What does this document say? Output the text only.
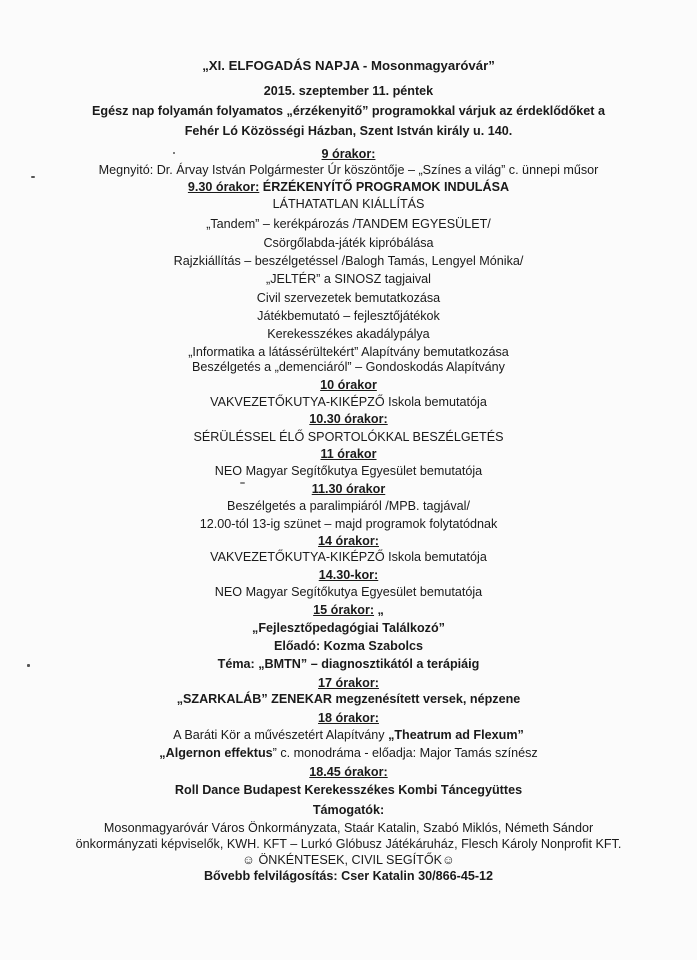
„XI. ELFOGADÁS NAPJA - Mosonmagyaróvár”
2015. szeptember 11. péntek
Egész nap folyamán folyamatos „érzékenyitő” programokkal várjuk az érdeklődőket a
Fehér Ló Közösségi Házban, Szent István király u. 140.
9 órakor:
Megnyitó: Dr. Árvay István Polgármester Úr köszöntője – „Színes a világ” c. ünnepi műsor
9.30 órakor: ÉRZÉKENYÍTŐ PROGRAMOK INDULÁSA
LÁTHATATLAN KIÁLLÍTÁS
„Tandem” – kerékpározás /TANDEM EGYESÜLET/
Csörgőlabda-játék kipróbálása
Rajzkiállítás – beszélgetéssel /Balogh Tamás, Lengyel Mónika/
„JELTÉR” a SINOSZ tagjaival
Civil szervezetek bemutatkozása
Játékbemutató – fejlesztőjátékok
Kerekesszékes akadálypálya
„Informatika a látássérültekért” Alapítvány bemutatkozása
Beszélgetés a „demenciáról” – Gondoskodás Alapítvány
10 órakor
VAKVEZETŐKUTYA-KIKÉPZŐ Iskola bemutatója
10.30 órakor:
SÉRÜLÉSSEL ÉLŐ SPORTOLÓKKAL BESZÉLGETÉS
11 órakor
NEO Magyar Segítőkutya Egyesület bemutatója
11.30 órakor
Beszélgetés a paralimpiáról /MPB. tagjával/
12.00-tól 13-ig szünet – majd programok folytatódnak
14 órakor:
VAKVEZETŐKUTYA-KIKÉPZŐ Iskola bemutatója
14.30-kor:
NEO Magyar Segítőkutya Egyesület bemutatója
15 órakor: „
„Fejlesztőpedagógiai Találkozó”
Előadó: Kozma Szabolcs
Téma: „BMTN” – diagnosztikától a terápiáig
17 órakor:
„SZARKALÁB” ZENEKAR megzenésített versek, népzene
18 órakor:
A Baráti Kör a művészetért Alapítvány „Theatrum ad Flexum”
„Algernon effektus” c. monodráma - előadja: Major Tamás színész
18.45 órakor:
Roll Dance Budapest Kerekesszékes Kombi Táncegyüttes
Támogatók:
Mosonmagyaróvár Város Önkormányzata, Staár Katalin, Szabó Miklós, Németh Sándor
önkormányzati képviselők, KWH. KFT – Lurkó Glóbusz Játékáruház, Flesch Károly Nonprofit KFT.
☺ ÖNKÉNTESEK, CIVIL SEGÍTŐK☺
Bővebb felvilágosítás: Cser Katalin 30/866-45-12
